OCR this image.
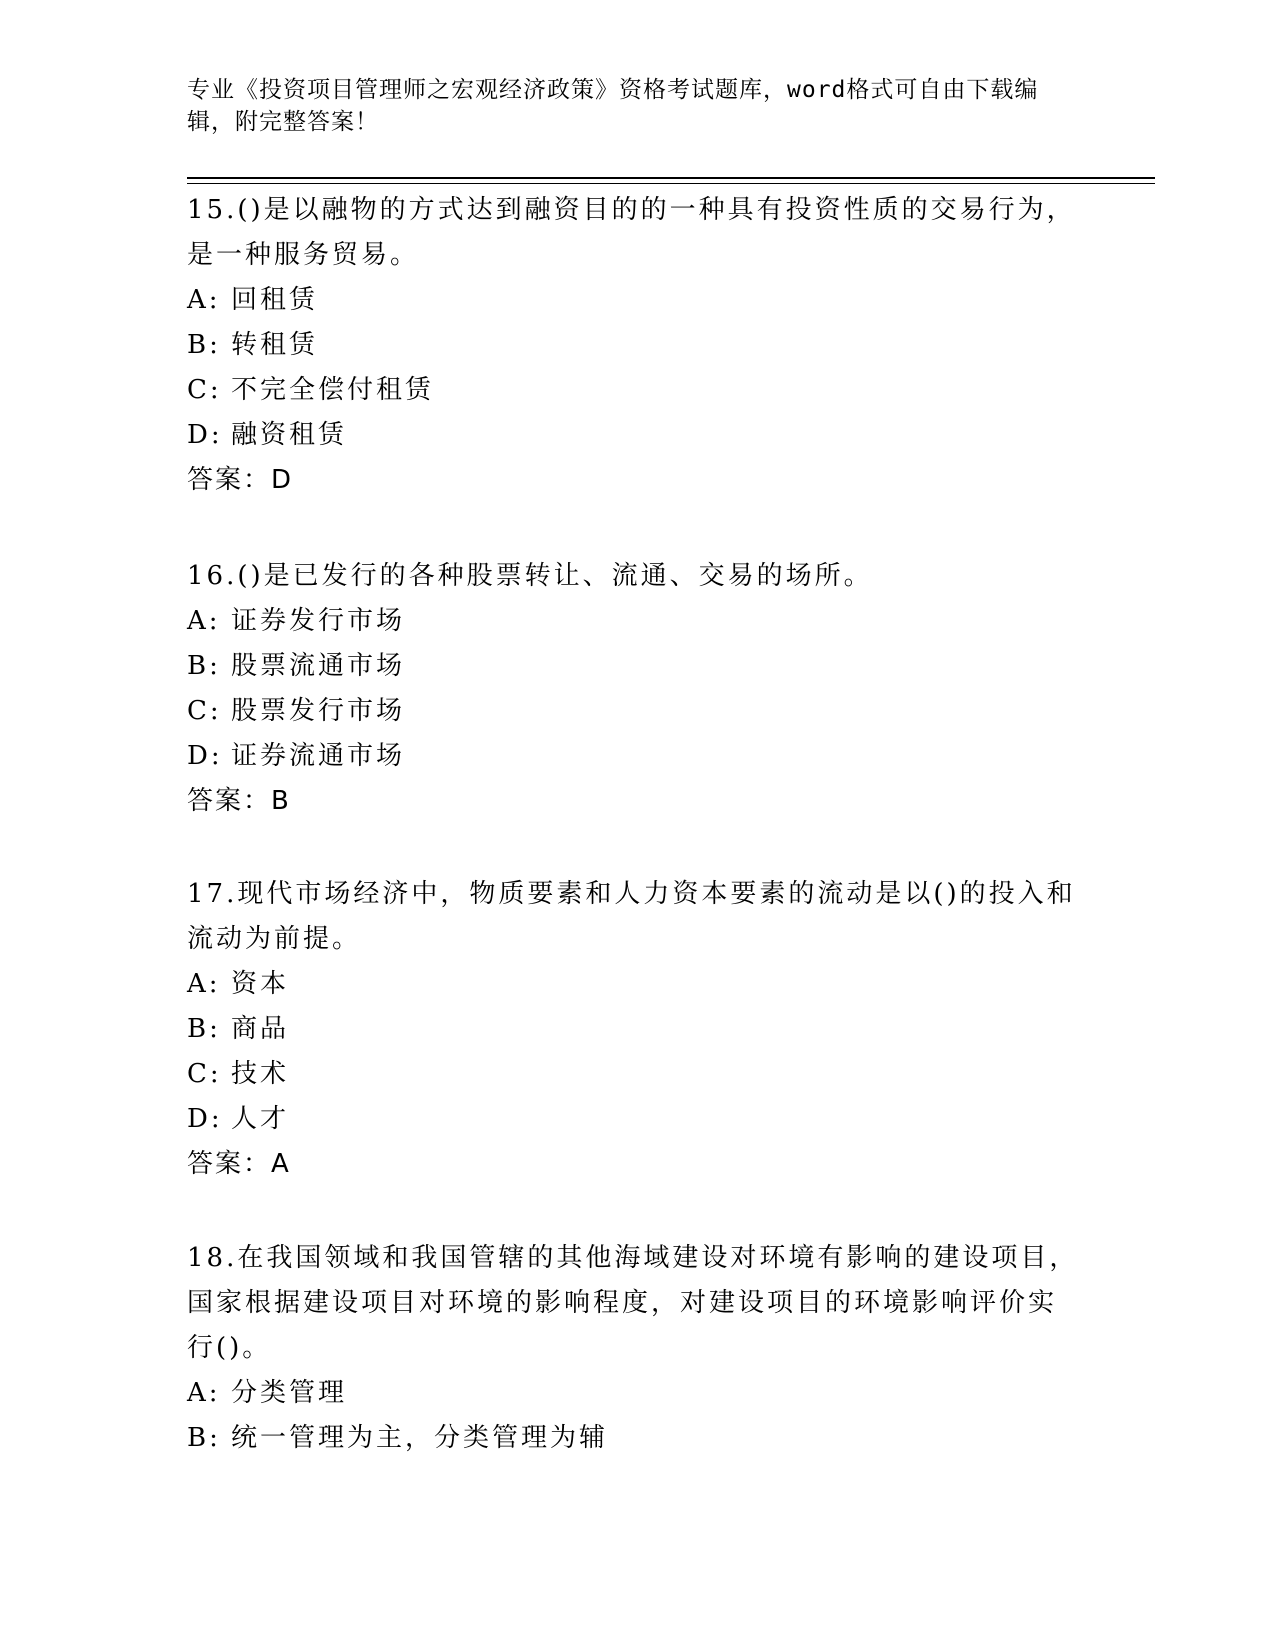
专业《投资项目管理师之宏观经济政策》资格考试题库，word格式可自由下载编
辑，附完整答案！
15.()是以融物的方式达到融资目的的一种具有投资性质的交易行为，
是一种服务贸易。
A: 回租赁
B: 转租赁
C: 不完全偿付租赁
D: 融资租赁
答案：D
16.()是已发行的各种股票转让、流通、交易的场所。
A: 证券发行市场
B: 股票流通市场
C: 股票发行市场
D: 证券流通市场
答案：B
17.现代市场经济中，物质要素和人力资本要素的流动是以()的投入和
流动为前提。
A: 资本
B: 商品
C: 技术
D: 人才
答案：A
18.在我国领域和我国管辖的其他海域建设对环境有影响的建设项目，
国家根据建设项目对环境的影响程度，对建设项目的环境影响评价实
行()。
A: 分类管理
B: 统一管理为主，分类管理为辅
